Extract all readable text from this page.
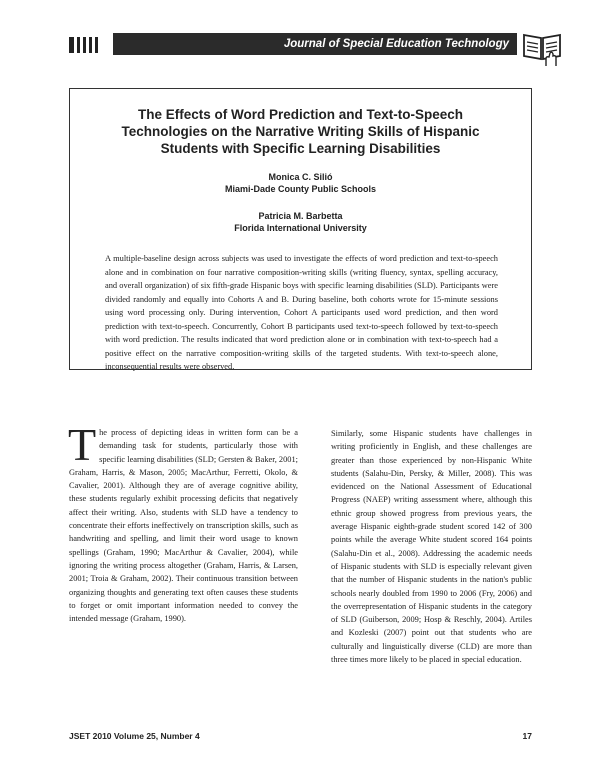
Journal of Special Education Technology
The Effects of Word Prediction and Text-to-Speech
Technologies on the Narrative Writing Skills of Hispanic
Students with Specific Learning Disabilities
Monica C. Silió
Miami-Dade County Public Schools
Patricia M. Barbetta
Florida International University

A multiple-baseline design across subjects was used to investigate the effects of word prediction and text-to-speech alone and in combination on four narrative composition-writing skills (writing fluency, syntax, spelling accuracy, and overall organization) of six fifth-grade Hispanic boys with specific learning disabilities (SLD). Participants were divided randomly and equally into Cohorts A and B. During baseline, both cohorts wrote for 15-minute sessions using word processing only. During intervention, Cohort A participants used word prediction, and then word prediction with text-to-speech. Concurrently, Cohort B participants used text-to-speech followed by text-to-speech with word prediction. The results indicated that word prediction alone or in combination with text-to-speech had a positive effect on the narrative composition-writing skills of the targeted students. With text-to-speech alone, inconsequential results were observed.

The process of depicting ideas in written form can be a demanding task for students, particularly those with specific learning disabilities (SLD; Gersten & Baker, 2001; Graham, Harris, & Mason, 2005; MacArthur, Ferretti, Okolo, & Cavalier, 2001). Although they are of average cognitive ability, these students regularly exhibit processing deficits that negatively affect their writing. Also, students with SLD have a tendency to concentrate their efforts ineffectively on transcription skills, such as handwriting and spelling, and limit their word usage to known spellings (Graham, 1990; MacArthur & Cavalier, 2004), while ignoring the writing process altogether (Graham, Harris, & Larsen, 2001; Troia & Graham, 2002). Their continuous transition between organizing thoughts and generating text often causes these students to forget or omit important information needed to convey the intended message (Graham, 1990).

Similarly, some Hispanic students have challenges in writing proficiently in English, and these challenges are greater than those experienced by non-Hispanic White students (Salahu-Din, Persky, & Miller, 2008). This was evidenced on the National Assessment of Educational Progress (NAEP) writing assessment where, although this ethnic group showed progress from previous years, the average Hispanic eighth-grade student scored 142 of 300 points while the average White student scored 164 points (Salahu-Din et al., 2008). Addressing the academic needs of Hispanic students with SLD is especially relevant given that the number of Hispanic students in the nation's public schools nearly doubled from 1990 to 2006 (Fry, 2006) and the overrepresentation of Hispanic students in the category of SLD (Guiberson, 2009; Hosp & Reschly, 2004). Artiles and Kozleski (2007) point out that students who are culturally and linguistically diverse (CLD) are more than three times more likely to be placed in special education.

JSET 2010 Volume 25, Number 4	17
